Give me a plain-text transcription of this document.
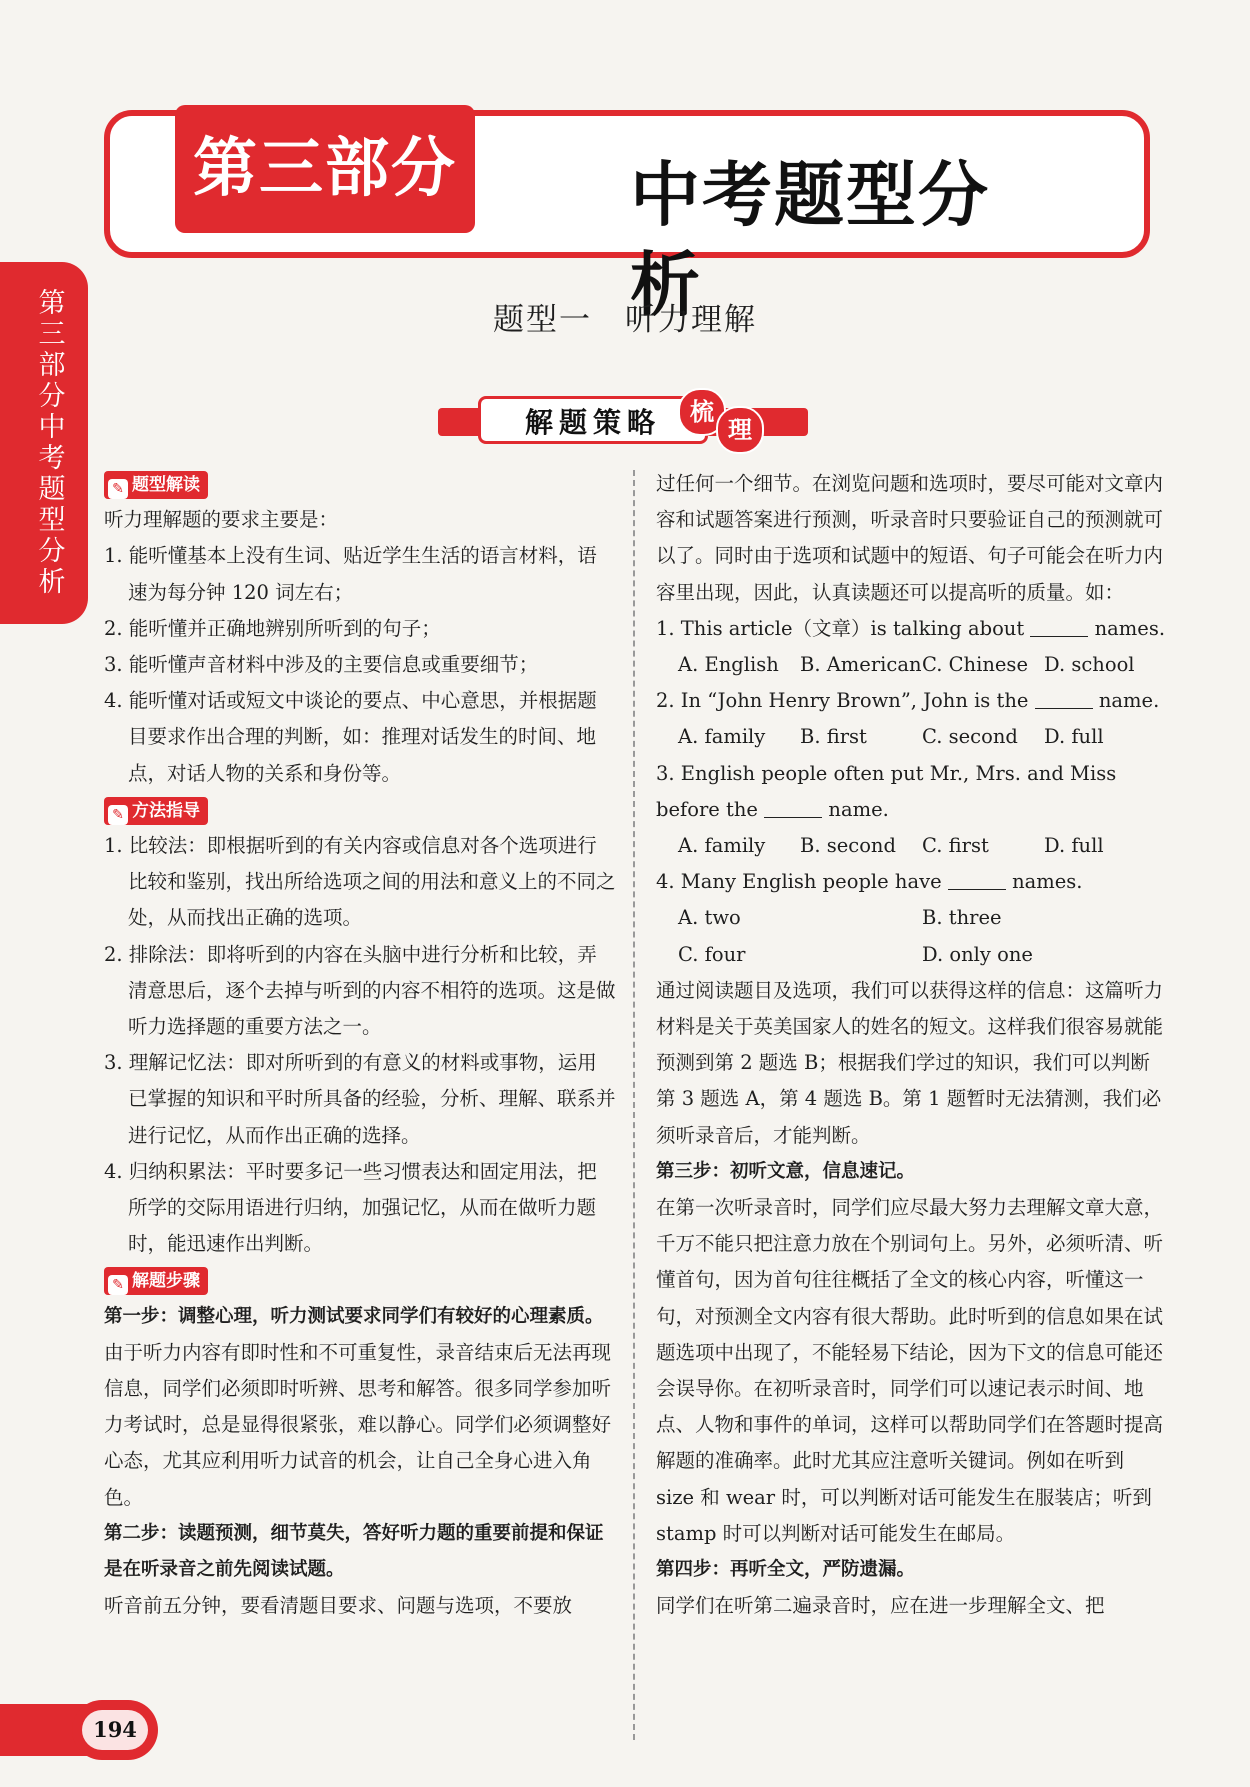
第三部分 中考题型分析
第三部分 中考题型分析
题型一　听力理解
解题策略	梳
理
✎ 题型解读

听力理解题的要求主要是：

1. 能听懂基本上没有生词、贴近学生生活的语言材料，语速为每分钟 120 词左右；

2. 能听懂并正确地辨别所听到的句子；

3. 能听懂声音材料中涉及的主要信息或重要细节；

4. 能听懂对话或短文中谈论的要点、中心意思，并根据题目要求作出合理的判断，如：推理对话发生的时间、地点，对话人物的关系和身份等。

✎ 方法指导

1. 比较法：即根据听到的有关内容或信息对各个选项进行比较和鉴别，找出所给选项之间的用法和意义上的不同之处，从而找出正确的选项。

2. 排除法：即将听到的内容在头脑中进行分析和比较，弄清意思后，逐个去掉与听到的内容不相符的选项。这是做听力选择题的重要方法之一。

3. 理解记忆法：即对所听到的有意义的材料或事物，运用已掌握的知识和平时所具备的经验，分析、理解、联系并进行记忆，从而作出正确的选择。

4. 归纳积累法：平时要多记一些习惯表达和固定用法，把所学的交际用语进行归纳，加强记忆，从而在做听力题时，能迅速作出判断。

✎ 解题步骤

第一步：调整心理，听力测试要求同学们有较好的心理素质。

由于听力内容有即时性和不可重复性，录音结束后无法再现信息，同学们必须即时听辨、思考和解答。很多同学参加听力考试时，总是显得很紧张，难以静心。同学们必须调整好心态，尤其应利用听力试音的机会，让自己全身心进入角色。

第二步：读题预测，细节莫失，答好听力题的重要前提和保证是在听录音之前先阅读试题。

听音前五分钟，要看清题目要求、问题与选项，不要放

过任何一个细节。在浏览问题和选项时，要尽可能对文章内容和试题答案进行预测，听录音时只要验证自己的预测就可以了。同时由于选项和试题中的短语、句子可能会在听力内容里出现，因此，认真读题还可以提高听的质量。如：

1. This article（文章）is talking about	names.

A. English	B. American C. Chinese D. school

2. In “John Henry Brown”, John is the	name.

A. family	B. first	C. second	D. full

3. English people often put Mr., Mrs. and Miss before the	name.

A. family	B. second	C. first	D. full

4. Many English people have	names.

A. two	B. three
C. four	D. only one

通过阅读题目及选项，我们可以获得这样的信息：这篇听力材料是关于英美国家人的姓名的短文。这样我们很容易就能预测到第 2 题选 B；根据我们学过的知识，我们可以判断第 3 题选 A，第 4 题选 B。第 1 题暂时无法猜测，我们必须听录音后，才能判断。

第三步：初听文意，信息速记。

在第一次听录音时，同学们应尽最大努力去理解文章大意，千万不能只把注意力放在个别词句上。另外，必须听清、听懂首句，因为首句往往概括了全文的核心内容，听懂这一句，对预测全文内容有很大帮助。此时听到的信息如果在试题选项中出现了，不能轻易下结论，因为下文的信息可能还会误导你。在初听录音时，同学们可以速记表示时间、地点、人物和事件的单词，这样可以帮助同学们在答题时提高解题的准确率。此时尤其应注意听关键词。例如在听到 size 和 wear 时，可以判断对话可能发生在服装店；听到 stamp 时可以判断对话可能发生在邮局。

第四步：再听全文，严防遗漏。

同学们在听第二遍录音时，应在进一步理解全文、把

194
